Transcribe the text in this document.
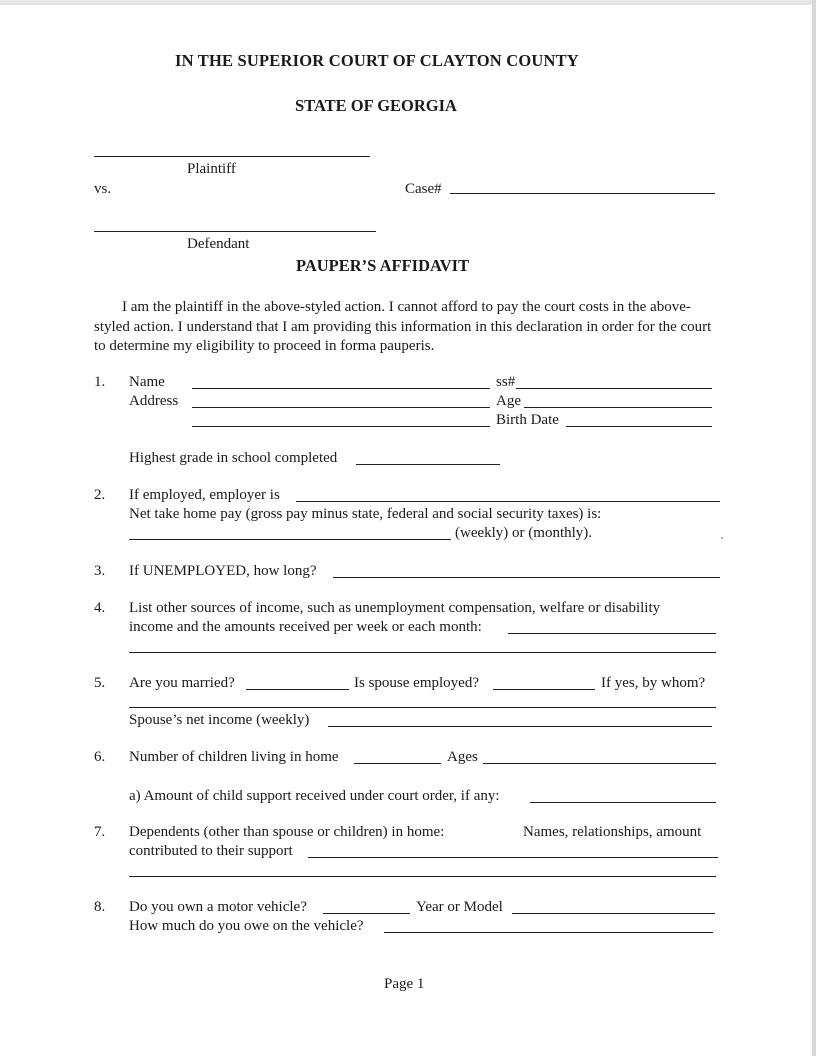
IN THE SUPERIOR COURT OF CLAYTON COUNTY
STATE OF GEORGIA
Plaintiff
vs.	Case#
Defendant
PAUPER’S AFFIDAVIT
I am the plaintiff in the above-styled action. I cannot afford to pay the court costs in the above-styled action. I understand that I am providing this information in this declaration in order for the court to determine my eligibility to proceed in forma pauperis.
1. Name	ss#
Address	Age
Birth Date
Highest grade in school completed
2. If employed, employer is
Net take home pay (gross pay minus state, federal and social security taxes) is:
(weekly) or (monthly).
3. If UNEMPLOYED, how long?
4. List other sources of income, such as unemployment compensation, welfare or disability
income and the amounts received per week or each month:
5. Are you married?	Is spouse employed?	If yes, by whom?
Spouse’s net income (weekly)
6. Number of children living in home	Ages
a) Amount of child support received under court order, if any:
7. Dependents (other than spouse or children) in home:	Names, relationships, amount
contributed to their support
8. Do you own a motor vehicle?	Year or Model
How much do you owe on the vehicle?
Page 1
